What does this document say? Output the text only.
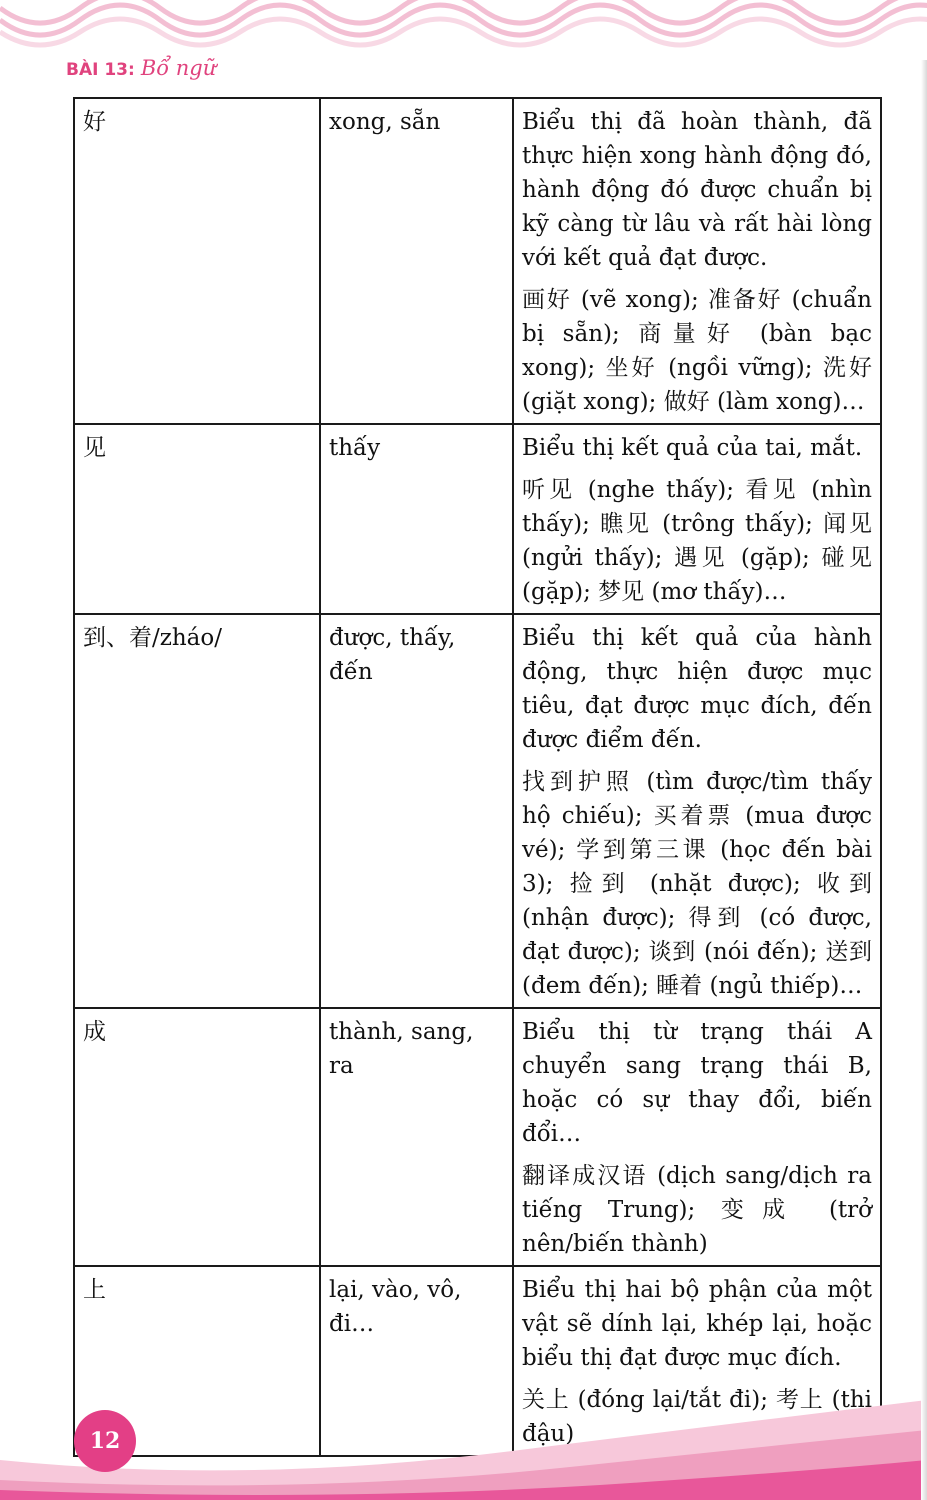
BÀI 13: Bổ ngữ
好	xong, sẵn	Biểu thị đã hoàn thành, đã thực hiện xong hành động đó, hành động đó được chuẩn bị kỹ càng từ lâu và rất hài lòng với kết quả đạt được.

画好 (vẽ xong); 准备好 (chuẩn bị sẵn); 商量好 (bàn bạc xong); 坐好 (ngồi vững); 洗好 (giặt xong); 做好 (làm xong)…

见	thấy	Biểu thị kết quả của tai, mắt.

听见 (nghe thấy); 看见 (nhìn thấy); 瞧见 (trông thấy); 闻见 (ngửi thấy); 遇见 (gặp); 碰见 (gặp); 梦见 (mơ thấy)…

到、着/zháo/	được, thấy, đến	Biểu thị kết quả của hành động, thực hiện được mục tiêu, đạt được mục đích, đến được điểm đến.

找到护照 (tìm được/tìm thấy hộ chiếu); 买着票 (mua được vé); 学到第三课 (học đến bài 3); 捡到 (nhặt được); 收到 (nhận được); 得到 (có được, đạt được); 谈到 (nói đến); 送到 (đem đến); 睡着 (ngủ thiếp)…

成	thành, sang, ra	Biểu thị từ trạng thái A chuyển sang trạng thái B, hoặc có sự thay đổi, biến đổi…

翻译成汉语 (dịch sang/dịch ra tiếng Trung); 变成 (trở nên/biến thành)

上	lại, vào, vô, đi…	Biểu thị hai bộ phận của một vật sẽ dính lại, khép lại, hoặc biểu thị đạt được mục đích.

关上 (đóng lại/tắt đi); 考上 (thi đậu)

12
